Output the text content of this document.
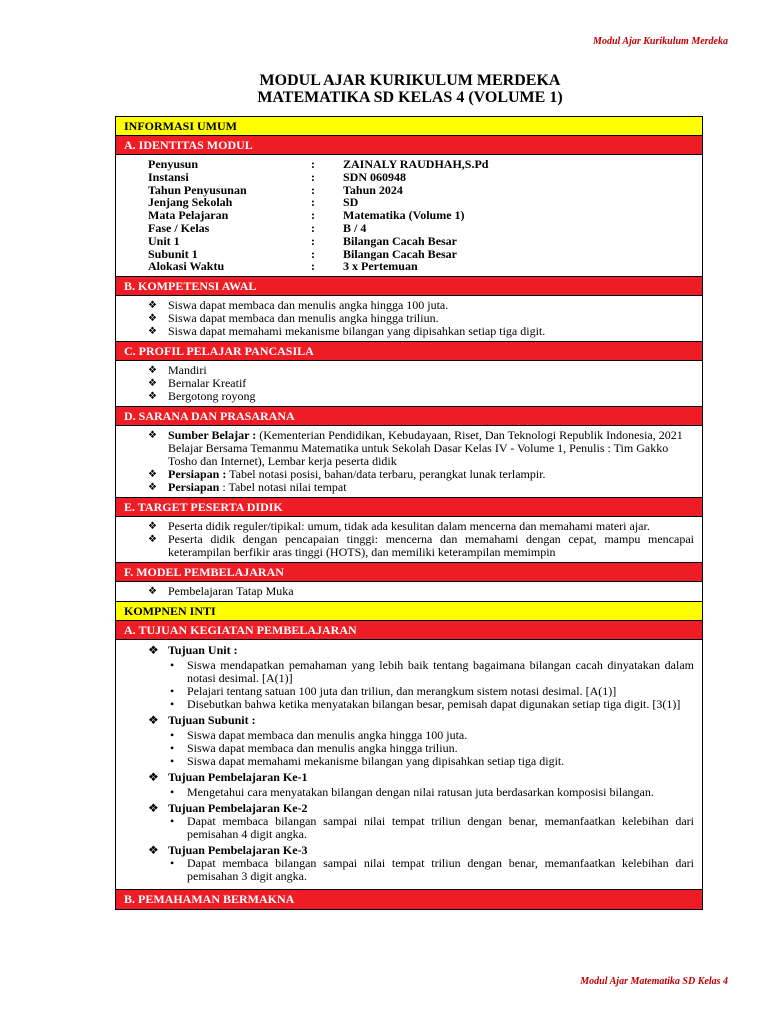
Modul Ajar Kurikulum Merdeka
MODUL AJAR KURIKULUM MERDEKA
MATEMATIKA SD KELAS 4 (VOLUME 1)
INFORMASI UMUM
A. IDENTITAS MODUL
Penyusun	:	ZAINALY RAUDHAH,S.Pd
Instansi	:	SDN 060948
Tahun Penyusunan	:	Tahun 2024
Jenjang Sekolah	:	SD
Mata Pelajaran	:	Matematika (Volume 1)
Fase / Kelas	:	B / 4
Unit 1	:	Bilangan Cacah Besar
Subunit 1	:	Bilangan Cacah Besar
Alokasi Waktu	:	3 x Pertemuan
B. KOMPETENSI AWAL
❖ Siswa dapat membaca dan menulis angka hingga 100 juta.
❖ Siswa dapat membaca dan menulis angka hingga triliun.
❖ Siswa dapat memahami mekanisme bilangan yang dipisahkan setiap tiga digit.
C. PROFIL PELAJAR PANCASILA
❖ Mandiri
❖ Bernalar Kreatif
❖ Bergotong royong
D. SARANA DAN PRASARANA
❖ Sumber Belajar : (Kementerian Pendidikan, Kebudayaan, Riset, Dan Teknologi Republik Indonesia, 2021 Belajar Bersama Temanmu Matematika untuk Sekolah Dasar Kelas IV - Volume 1, Penulis : Tim Gakko Tosho dan Internet), Lembar kerja peserta didik
❖ Persiapan : Tabel notasi posisi, bahan/data terbaru, perangkat lunak terlampir.
❖ Persiapan : Tabel notasi nilai tempat
E. TARGET PESERTA DIDIK
❖ Peserta didik reguler/tipikal: umum, tidak ada kesulitan dalam mencerna dan memahami materi ajar.
❖ Peserta didik dengan pencapaian tinggi: mencerna dan memahami dengan cepat, mampu mencapai keterampilan berfikir aras tinggi (HOTS), dan memiliki keterampilan memimpin
F. MODEL PEMBELAJARAN
❖ Pembelajaran Tatap Muka
KOMPNEN INTI
A. TUJUAN KEGIATAN PEMBELAJARAN
❖ Tujuan Unit :
• Siswa mendapatkan pemahaman yang lebih baik tentang bagaimana bilangan cacah dinyatakan dalam notasi desimal. [A(1)]
• Pelajari tentang satuan 100 juta dan triliun, dan merangkum sistem notasi desimal. [A(1)]
• Disebutkan bahwa ketika menyatakan bilangan besar, pemisah dapat digunakan setiap tiga digit. [3(1)]
❖ Tujuan Subunit :
• Siswa dapat membaca dan menulis angka hingga 100 juta.
• Siswa dapat membaca dan menulis angka hingga triliun.
• Siswa dapat memahami mekanisme bilangan yang dipisahkan setiap tiga digit.
❖ Tujuan Pembelajaran Ke-1
• Mengetahui cara menyatakan bilangan dengan nilai ratusan juta berdasarkan komposisi bilangan.
❖ Tujuan Pembelajaran Ke-2
• Dapat membaca bilangan sampai nilai tempat triliun dengan benar, memanfaatkan kelebihan dari pemisahan 4 digit angka.
❖ Tujuan Pembelajaran Ke-3
• Dapat membaca bilangan sampai nilai tempat triliun dengan benar, memanfaatkan kelebihan dari pemisahan 3 digit angka.
B. PEMAHAMAN BERMAKNA
Modul Ajar Matematika SD Kelas 4
